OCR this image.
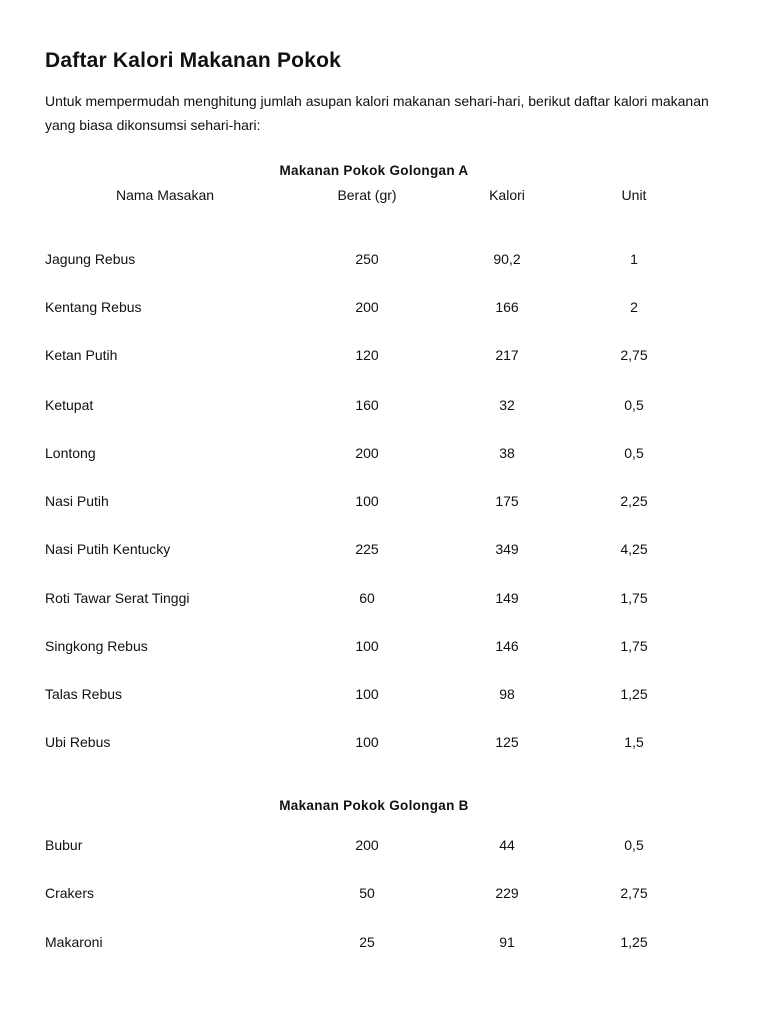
Daftar Kalori Makanan Pokok

Untuk mempermudah menghitung jumlah asupan kalori makanan sehari-hari, berikut daftar kalori makanan yang biasa dikonsumsi sehari-hari:

Makanan Pokok Golongan A
Nama Masakan	Berat (gr)	Kalori	Unit
Jagung Rebus	250	90,2	1
Kentang Rebus	200	166	2
Ketan Putih	120	217	2,75
Ketupat	160	32	0,5
Lontong	200	38	0,5
Nasi Putih	100	175	2,25
Nasi Putih Kentucky	225	349	4,25
Roti Tawar Serat Tinggi	60	149	1,75
Singkong Rebus	100	146	1,75
Talas Rebus	100	98	1,25
Ubi Rebus	100	125	1,5
Makanan Pokok Golongan B
Bubur	200	44	0,5
Crakers	50	229	2,75
Makaroni	25	91	1,25
